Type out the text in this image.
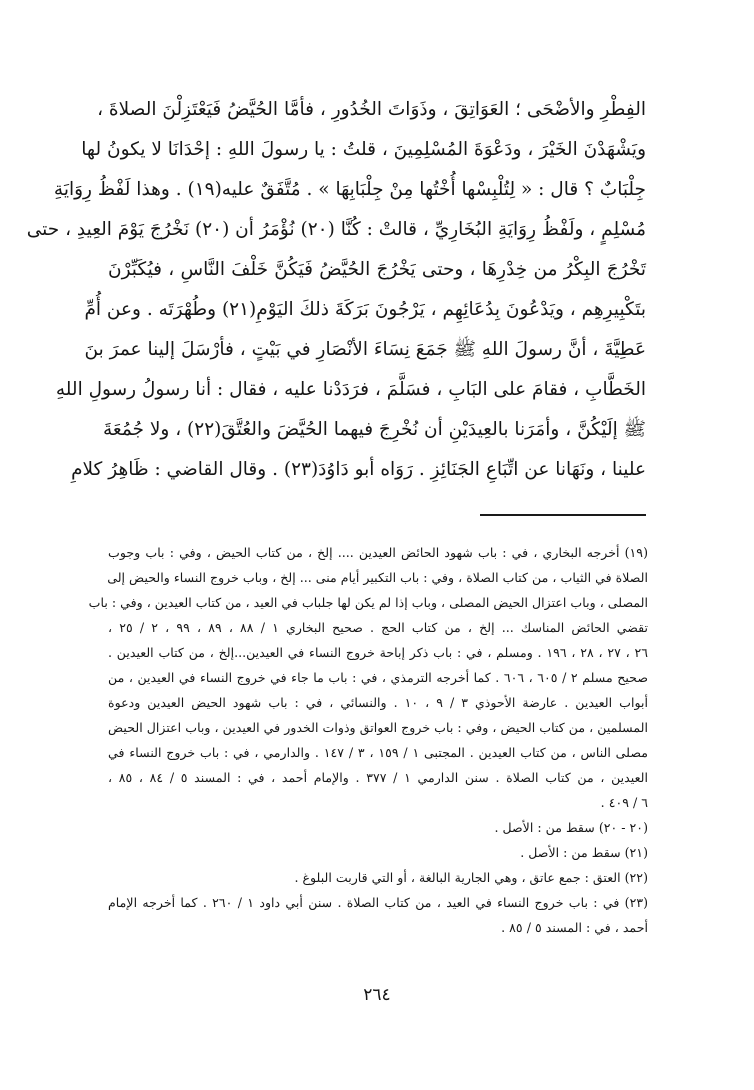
الفِطْرِ والأضْحَى ؛ العَوَاتِقَ ، وذَوَاتَ الخُدُورِ ، فأمَّا الحُيَّضُ فَيَعْتَزِلْنَ الصلاةَ ،
ويَشْهَدْنَ الخَيْرَ ، ودَعْوَةَ المُسْلِمِينَ ، قلتُ : يا رسولَ اللهِ : إحْدَانَا لا يكونُ لها
جِلْبَابٌ ؟ قال : « لِتُلْبِسْها أُخْتُها مِنْ جِلْبَابِهَا » . مُتَّفَقٌ عليه(١٩) . وهذا لَفْظُ رِوَايَةِ
مُسْلِمٍ ، ولَفْظُ رِوَايَةِ البُخَارِيِّ ، قالتْ : كُنَّا (٢٠) نُؤْمَرُ أن (٢٠) نَخْرُجَ يَوْمَ العِيدِ ، حتى
تَخْرُجَ البِكْرُ من خِدْرِهَا ، وحتى يَخْرُجَ الحُيَّضُ فَيَكُنَّ خَلْفَ النَّاسِ ، فيُكَبِّرْنَ
بتَكْبِيرِهِم ، ويَدْعُونَ بِدُعَائِهِم ، يَرْجُونَ بَرَكَةَ ذلكَ اليَوْمِ(٢١) وطُهْرَتَه . وعن أُمِّ
عَطِيَّةَ ، أنَّ رسولَ اللهِ ﷺ جَمَعَ نِسَاءَ الأنْصَارِ في بَيْتٍ ، فأرْسَلَ إلينا عمرَ بنَ
الخَطَّابِ ، فقامَ على البَابِ ، فسَلَّمَ ، فرَدَدْنا عليه ، فقال : أنا رسولُ رسولِ اللهِ
ﷺ إلَيْكُنَّ ، وأمَرَنا بالعِيدَيْنِ أن نُخْرِجَ فيهما الحُيَّضَ والعُتَّقَ(٢٢) ، ولا جُمُعَةَ
علينا ، ونَهَانا عن اتِّبَاعِ الجَنَائِزِ . رَوَاه أبو دَاوُدَ(٢٣) . وقال القاضي : ظَاهِرُ كلامِ
(١٩) أخرجه البخاري ، في : باب شهود الحائض العيدين .... إلخ ، من كتاب الحيض ، وفي : باب وجوب
الصلاة في الثياب ، من كتاب الصلاة ، وفي : باب التكبير أيام منى ... إلخ ، وباب خروج النساء والحيض إلى
المصلى ، وباب اعتزال الحيض المصلى ، وباب إذا لم يكن لها جلباب في العيد ، من كتاب العيدين ، وفي : باب
تقضي الحائض المناسك ... إلخ ، من كتاب الحج . صحيح البخاري ١ / ٨٨ ، ٨٩ ، ٩٩ ، ٢ / ٢٥ ،
٢٦ ، ٢٧ ، ٢٨ ، ١٩٦ . ومسلم ، في : باب ذكر إباحة خروج النساء في العيدين...إلخ ، من كتاب العيدين .
صحيح مسلم ٢ / ٦٠٥ ، ٦٠٦ . كما أخرجه الترمذي ، في : باب ما جاء في خروج النساء في العيدين ، من
أبواب العيدين . عارضة الأحوذي ٣ / ٩ ، ١٠ . والنسائي ، في : باب شهود الحيض العيدين ودعوة
المسلمين ، من كتاب الحيض ، وفي : باب خروج العواتق وذوات الخدور في العيدين ، وباب اعتزال الحيض
مصلى الناس ، من كتاب العيدين . المجتبى ١ / ١٥٩ ، ٣ / ١٤٧ . والدارمي ، في : باب خروج النساء في
العيدين ، من كتاب الصلاة . سنن الدارمي ١ / ٣٧٧ . والإمام أحمد ، في : المسند ٥ / ٨٤ ، ٨٥ ،
٦ / ٤٠٩ .
(٢٠ - ٢٠) سقط من : الأصل .
(٢١) سقط من : الأصل .
(٢٢) العتق : جمع عاتق ، وهي الجارية البالغة ، أو التي قاربت البلوغ .
(٢٣) في : باب خروج النساء في العيد ، من كتاب الصلاة . سنن أبي داود ١ / ٢٦٠ . كما أخرجه الإمام
أحمد ، في : المسند ٥ / ٨٥ .
٢٦٤
